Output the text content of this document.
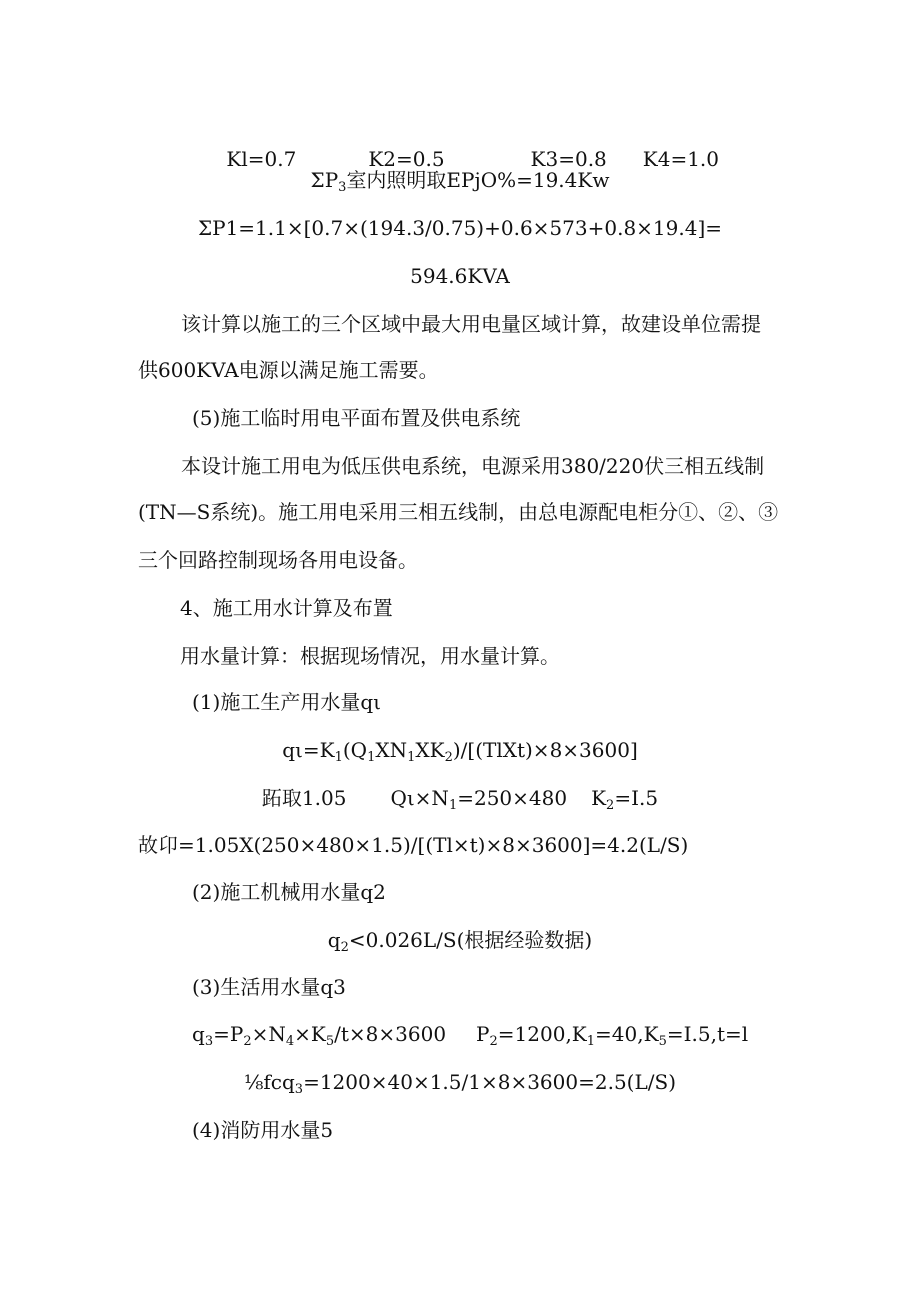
Kl=0.7	K2=0.5	K3=0.8 K4=1.0

$\Sigma P_3$室内照明取EPjO%=19.4Kw
ΣP1=1.1×[0.7×(194.3/0.75)+0.6×573+0.8×19.4]=
594.6KVA
该计算以施工的三个区域中最大用电量区域计算，故建设单位需提
供600KVA电源以满足施工需要。
(5)施工临时用电平面布置及供电系统
本设计施工用电为低压供电系统，电源采用380/220伏三相五线制
(TN—S系统)。施工用电采用三相五线制，由总电源配电柜分①、②、③
三个回路控制现场各用电设备。
4、施工用水计算及布置
用水量计算：根据现场情况，用水量计算。
(1)施工生产用水量qι
$q\iota=K_1(Q_1XN_1XK_2)/[(TlXt)\times 8\times 3600]$
跖取1.05 $Q\iota\times N_1=250\times 480$ $K_2=I.5$
故卬=1.05X(250×480×1.5)/[(Tl×t)×8×3600]=4.2(L/S)
(2)施工机械用水量q2
$q_2<0.026L/S$(根据经验数据)
(3)生活用水量q3
$q_3=P_2\times N_4\times K_5/t\times 8\times 3600$ $P_2=1200,K_1=40,K_5=I.5,t=l$
⅛fcq$_3$=1200×40×1.5/1×8×3600=2.5(L/S)
(4)消防用水量5
